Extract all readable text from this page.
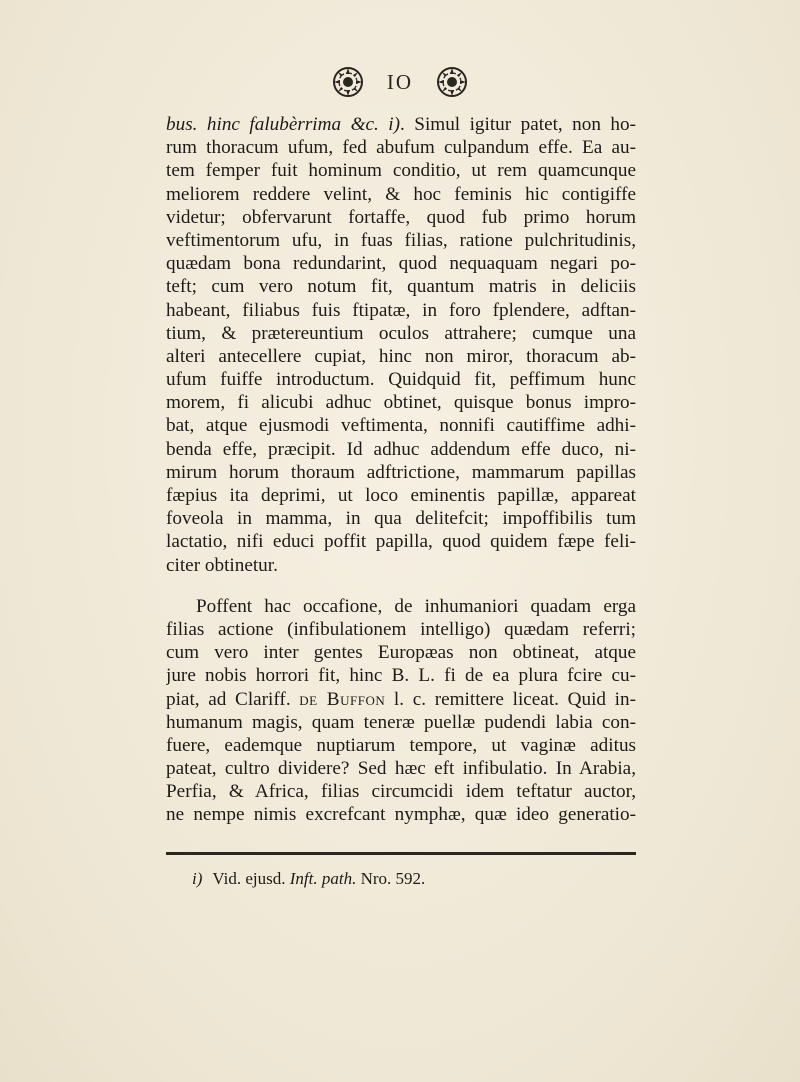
IO
bus. hinc falubèrrima &c. i). Simul igitur patet, non ho-
rum thoracum ufum, fed abufum culpandum effe. Ea au-
tem femper fuit hominum conditio, ut rem quamcunque
meliorem reddere velint, & hoc feminis hic contigiffe
videtur; obfervarunt fortaffe, quod fub primo horum
veftimentorum ufu, in fuas filias, ratione pulchritudinis,
quædam bona redundarint, quod nequaquam negari po-
teft; cum vero notum fit, quantum matris in deliciis
habeant, filiabus fuis ftipatæ, in foro fplendere, adftan-
tium, & prætereuntium oculos attrahere; cumque una
alteri antecellere cupiat, hinc non miror, thoracum ab-
ufum fuiffe introductum. Quidquid fit, peffimum hunc
morem, fi alicubi adhuc obtinet, quisque bonus impro-
bat, atque ejusmodi veftimenta, nonnifi cautiffime adhi-
benda effe, præcipit. Id adhuc addendum effe duco, ni-
mirum horum thoraum adftrictione, mammarum papillas
fæpius ita deprimi, ut loco eminentis papillæ, appareat
foveola in mamma, in qua delitefcit; impoffibilis tum
lactatio, nifi educi poffit papilla, quod quidem fæpe feli-
citer obtinetur.
Poffent hac occafione, de inhumaniori quadam erga
filias actione (infibulationem intelligo) quædam referri;
cum vero inter gentes Europæas non obtineat, atque
jure nobis horrori fit, hinc B. L. fi de ea plura fcire cu-
piat, ad Clariff. de Buffon l. c. remittere liceat. Quid in-
humanum magis, quam teneræ puellæ pudendi labia con-
fuere, eademque nuptiarum tempore, ut vaginæ aditus
pateat, cultro dividere? Sed hæc eft infibulatio. In Arabia,
Perfia, & Africa, filias circumcidi idem teftatur auctor,
ne nempe nimis excrefcant nymphæ, quæ ideo generatio-
i) Vid. ejusd. Inft. path. Nro. 592.
